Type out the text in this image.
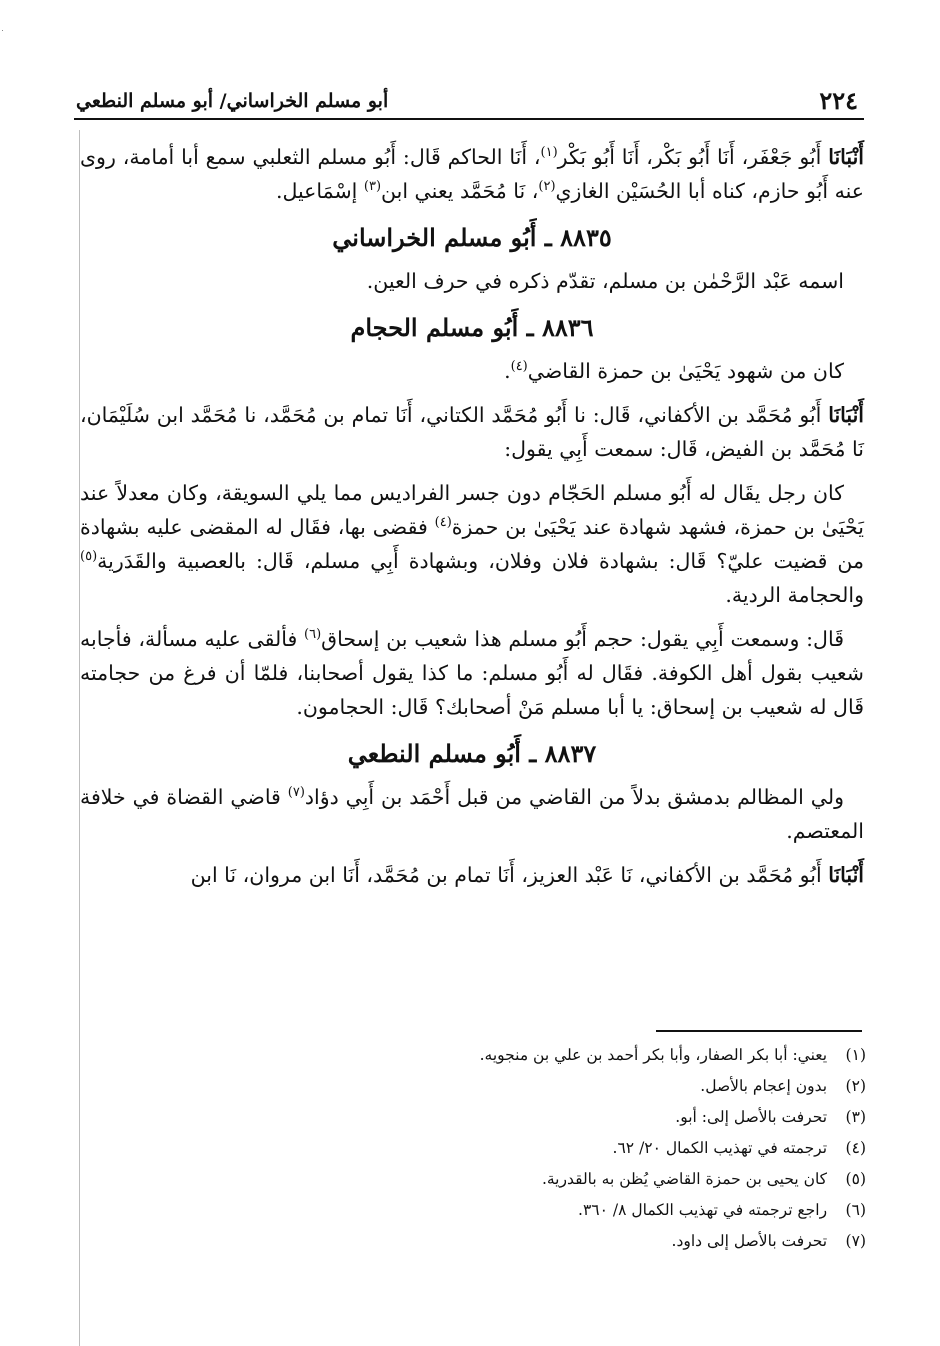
٢٢٤
أبو مسلم الخراساني/ أبو مسلم النطعي

أَنْبَانَا أَبُو جَعْفَر، أَنَا أَبُو بَكْر، أَنَا أَبُو بَكْر$^{(١)}$، أَنَا الحاكم قَال: أَبُو مسلم الثعلبي سمع أبا أمامة، روى عنه أَبُو حازم، كناه أبا الحُسَيْن الغازي$^{(٢)}$، نَا مُحَمَّد يعني ابن$^{(٣)}$ إسْمَاعيل.

٨٨٣٥ ـ أَبُو مسلم الخراساني

اسمه عَبْد الرَّحْمٰن بن مسلم، تقدّم ذكره في حرف العين.

٨٨٣٦ ـ أَبُو مسلم الحجام

كان من شهود يَحْيَىٰ بن حمزة القاضي$^{(٤)}$.

أَنْبَانَا أَبُو مُحَمَّد بن الأكفاني، قَال: نا أَبُو مُحَمَّد الكتاني، أَنَا تمام بن مُحَمَّد، نا مُحَمَّد ابن سُلَيْمَان، نَا مُحَمَّد بن الفيض، قَال: سمعت أَبِي يقول:

كان رجل يقَال له أَبُو مسلم الحَجّام دون جسر الفراديس مما يلي السويقة، وكان معدلاً عند يَحْيَىٰ بن حمزة، فشهد شهادة عند يَحْيَىٰ بن حمزة$^{(٤)}$ فقضى بها، فقَال له المقضى عليه بشهادة من قضيت عليّ؟ قَال: بشهادة فلان وفلان، وبشهادة أَبِي مسلم، قَال: بالعصبية والقَدَرية$^{(٥)}$ والحجامة الردية.

قَال: وسمعت أَبِي يقول: حجم أَبُو مسلم هذا شعيب بن إسحاق$^{(٦)}$ فألقى عليه مسألة، فأجابه شعيب بقول أهل الكوفة. فقَال له أَبُو مسلم: ما كذا يقول أصحابنا، فلمّا أن فرغ من حجامته قَال له شعيب بن إسحاق: يا أبا مسلم مَنْ أصحابك؟ قَال: الحجامون.

٨٨٣٧ ـ أَبُو مسلم النطعي

ولي المظالم بدمشق بدلاً من القاضي من قبل أَحْمَد بن أَبِي دؤاد$^{(٧)}$ قاضي القضاة في خلافة المعتصم.

أَنْبَانَا أَبُو مُحَمَّد بن الأكفاني، نَا عَبْد العزيز، أَنَا تمام بن مُحَمَّد، أَنَا ابن مروان، نَا ابن

(١) يعني: أبا بكر الصفار، وأبا بكر أحمد بن علي بن منجويه.
(٢) بدون إعجام بالأصل.
(٣) تحرفت بالأصل إلى: أبو.
(٤) ترجمته في تهذيب الكمال ٢٠/ ٦٢.
(٥) كان يحيى بن حمزة القاضي يُظن به بالقدرية.
(٦) راجع ترجمته في تهذيب الكمال ٨/ ٣٦٠.
(٧) تحرفت بالأصل إلى داود.
